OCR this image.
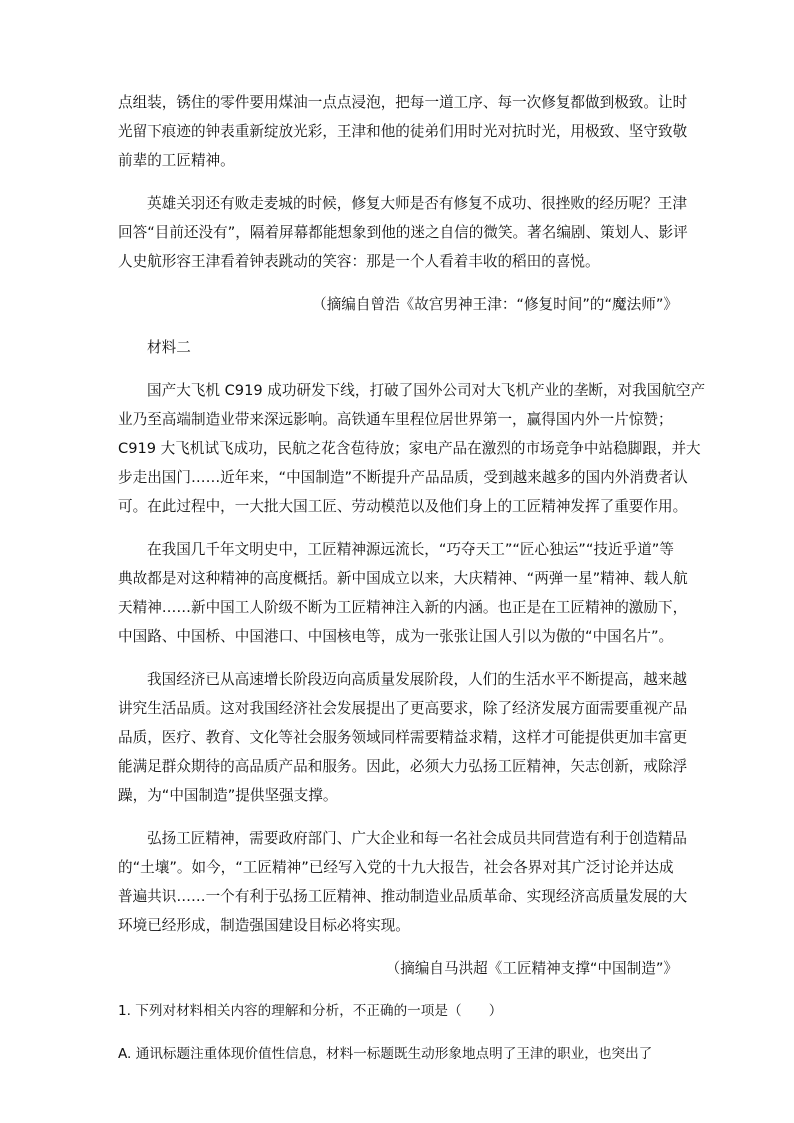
点组装，锈住的零件要用煤油一点点浸泡，把每一道工序、每一次修复都做到极致。让时
光留下痕迹的钟表重新绽放光彩，王津和他的徒弟们用时光对抗时光，用极致、坚守致敬
前辈的工匠精神。
英雄关羽还有败走麦城的时候，修复大师是否有修复不成功、很挫败的经历呢？王津
回答“目前还没有”，隔着屏幕都能想象到他的迷之自信的微笑。著名编剧、策划人、影评
人史航形容王津看着钟表跳动的笑容：那是一个人看着丰收的稻田的喜悦。
（摘编自曾浩《故宫男神王津：“修复时间”的“魔法师”》
材料二
国产大飞机 C919 成功研发下线，打破了国外公司对大飞机产业的垄断，对我国航空产
业乃至高端制造业带来深远影响。高铁通车里程位居世界第一，赢得国内外一片惊赞；
C919 大飞机试飞成功，民航之花含苞待放；家电产品在激烈的市场竞争中站稳脚跟，并大
步走出国门……近年来，“中国制造”不断提升产品品质，受到越来越多的国内外消费者认
可。在此过程中，一大批大国工匠、劳动模范以及他们身上的工匠精神发挥了重要作用。
在我国几千年文明史中，工匠精神源远流长，“巧夺天工”“匠心独运”“技近乎道”等
典故都是对这种精神的高度概括。新中国成立以来，大庆精神、“两弹一星”精神、载人航
天精神……新中国工人阶级不断为工匠精神注入新的内涵。也正是在工匠精神的激励下，
中国路、中国桥、中国港口、中国核电等，成为一张张让国人引以为傲的“中国名片”。
我国经济已从高速增长阶段迈向高质量发展阶段，人们的生活水平不断提高，越来越
讲究生活品质。这对我国经济社会发展提出了更高要求，除了经济发展方面需要重视产品
品质，医疗、教育、文化等社会服务领域同样需要精益求精，这样才可能提供更加丰富更
能满足群众期待的高品质产品和服务。因此，必须大力弘扬工匠精神，矢志创新，戒除浮
躁，为“中国制造”提供坚强支撑。
弘扬工匠精神，需要政府部门、广大企业和每一名社会成员共同营造有利于创造精品
的“土壤”。如今，“工匠精神”已经写入党的十九大报告，社会各界对其广泛讨论并达成
普遍共识……一个有利于弘扬工匠精神、推动制造业品质革命、实现经济高质量发展的大
环境已经形成，制造强国建设目标必将实现。
（摘编自马洪超《工匠精神支撑“中国制造”》
1. 下列对材料相关内容的理解和分析，不正确的一项是（　　）
A. 通讯标题注重体现价值性信息，材料一标题既生动形象地点明了王津的职业，也突出了
